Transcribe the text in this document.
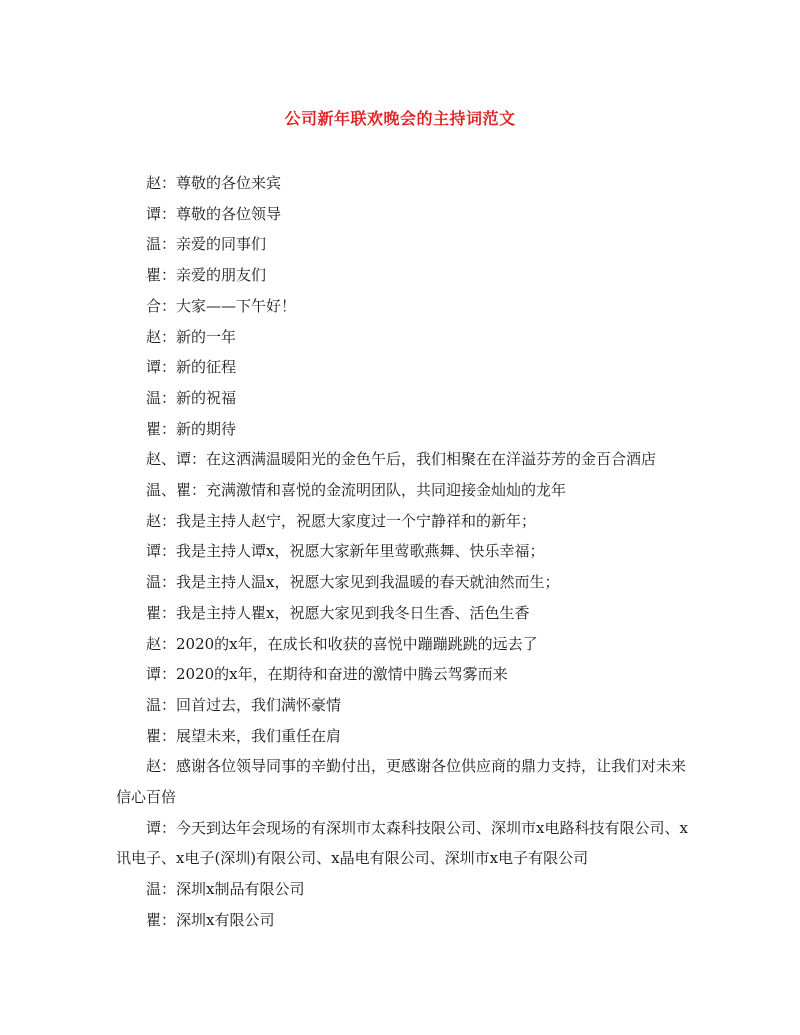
公司新年联欢晚会的主持词范文

赵：尊敬的各位来宾

谭：尊敬的各位领导

温：亲爱的同事们

瞿：亲爱的朋友们

合：大家——下午好！

赵：新的一年

谭：新的征程

温：新的祝福

瞿：新的期待

赵、谭：在这洒满温暖阳光的金色午后，我们相聚在在洋溢芬芳的金百合酒店

温、瞿：充满激情和喜悦的金流明团队，共同迎接金灿灿的龙年

赵：我是主持人赵宁，祝愿大家度过一个宁静祥和的新年；

谭：我是主持人谭x，祝愿大家新年里莺歌燕舞、快乐幸福；

温：我是主持人温x，祝愿大家见到我温暖的春天就油然而生；

瞿：我是主持人瞿x，祝愿大家见到我冬日生香、活色生香

赵：2020的x年，在成长和收获的喜悦中蹦蹦跳跳的远去了

谭：2020的x年，在期待和奋进的激情中腾云驾雾而来

温：回首过去，我们满怀豪情

瞿：展望未来，我们重任在肩

赵：感谢各位领导同事的辛勤付出，更感谢各位供应商的鼎力支持，让我们对未来信心百倍

谭：今天到达年会现场的有深圳市太森科技限公司、深圳市x电路科技有限公司、x讯电子、x电子(深圳)有限公司、x晶电有限公司、深圳市x电子有限公司

温：深圳x制品有限公司

瞿：深圳x有限公司
